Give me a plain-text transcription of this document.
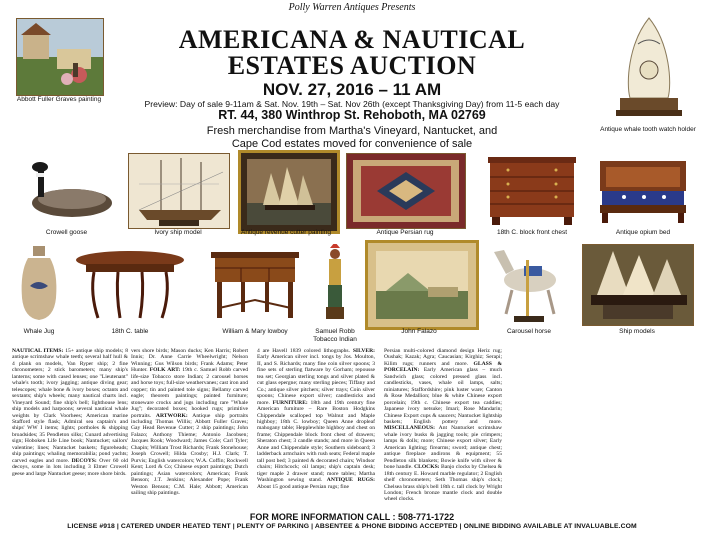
Polly Warren Antiques Presents
AMERICANA & NAUTICAL
ESTATES AUCTION
NOV. 27, 2016 – 11 AM
Preview: Day of sale 9-11am & Sat. Nov. 19th – Sat. Nov 26th (except Thanksgiving Day) from 11-5 each day
RT. 44, 380 Winthrop St. Rehoboth, MA 02769
Fresh merchandise from Martha's Vineyard, Nantucket, and
Cape Cod estates moved for convenience of sale
Abbott Fuller Graves painting
Antique whale tooth watch holder
Crowell goose	Ivory ship model	Antique revenue cutter painting	Antique Persian rug	18th C. block front chest	Antique opium bed
Whale Jug	18th C. table	William & Mary lowboy	Samuel Robb Tobacco Indian
John Falazo	Carousel horse	Ship models
NAUTICAL ITEMS: 15+ antique ship models; 8 antique scrimshaw whale teeth; several half hull & 4 plank on models, Van Ryper ship; 2 fine chronometers; 2 stick barometers; many ship's lanterns; some with cased lenses; one "Lieutenant" whale's tooth; ivory jagging; antique diving gear; telescopes; whale bone & ivory boxes; octants and sextants; ship's wheels; many nautical charts incl. Vineyard Sound; fine ship's bell; lighthouse lens; ship models and harpoons; several nautical whale weights by Clark Voorhees; American marine Stafford style flask; Admiral sea captain's and ships' WW I items; lights; portholes & shipping broadsides; 35 Pendleton silks; Cunard advertising sign; Hoboken Life Line book; Nantucket; sailors' valentine; lines; Nantucket baskets; figureheads; ship paintings; whaling memorabilia; pond yachts; carved eagles and more. DECOYS: Over 60 old decoys, some in lots including 3 Elmer Crowell geese and large Nantucket geese; more shore birds.
vers shore birds; Mason ducks; Ken Harris; Robert Innis; Dr. Anne Carrie Wheelwright; Nelson Winning; Gus Wilson birds; Frank Adams; Peter Hunter. FOLK ART: 19th c. Samuel Robb carved life-size Tobacco store Indian; 2 carousel horses and horse toys; full-size weathervanes; cast iron and copper; tin and painted tole signs; Bellamy carved eagle; theorem paintings; painted furniture; stoneware crocks and jugs including rare "Whale Jug"; decorated boxes; hooked rugs; primitive portraits. ARTWORK: Antique ship portraits including Thomas Willis; Abbott Fuller Graves; Gay Head Revenue Cutter; 2 ship paintings; John Falazo; Anthony Thieme; Antonio Jacobsen; Jacques Rook; Woodward; James Cole; Carl Tyler; Chapin; William Trost Richards; Frank Stonehouse; Joseph Crowell; Hilda Crosby; H.J. Clark; T. Purvis; English watercolors; W.A. Coffin; Rockwell Kent; Lord & Co; Chinese export paintings; Dutch paintings; Asian watercolors; American; Frank Benson; J.T. Jenkins; Alexander Pope; Frank Weston Benson; C.M. Hale; Abbott; American sailing ship paintings.
4 are Havell 1839 colored lithographs. SILVER: Early American silver incl. tongs by Jos. Moulton, II, and S. Richards; many fine coin silver spoons; 3 fine sets of sterling flatware by Gorham; repousse tea set; Georgian sterling tongs and silver plated & cut glass epergne; many sterling pieces; Tiffany and Co.; antique silver pitchers; silver trays; Coin silver spoons; Chinese export silver; candlesticks and more. FURNITURE: 18th and 19th century fine American furniture – Rare Boston Hodgkins Chippendale scalloped top Walnut and Maple highboy; 18th C. lowboy; Queen Anne dropleaf mahogany table; Hepplewhite highboy and chest on frame; Chippendale block front chest of drawers; Sheraton chest; 3 candle stands; and more in Queen Anne and Chippendale style; Southern sideboard; 3 ladderback armchairs with rush seats; Federal maple tall post bed; 3 painted & decorated chairs; Windsor chairs; Hitchcock; oil lamps; ship's captain desk; tiger maple 2 drawer stand; more tables; Martha Washington sewing stand. ANTIQUE RUGS: About 15 good antique Persian rugs; fine
Persian multi-colored diamond design Heriz rug; Oushak; Kazak; Agra; Caucasian; Kirghiz; Serapi; Kilim rugs; runners and more. GLASS & PORCELAIN: Early American glass – much Sandwich glass; colored pressed glass incl. candlesticks, vases, whale oil lamps, salts; miniatures; Staffordshire; pink luster ware; Canton & Rose Medallion; blue & white Chinese export porcelain; 19th c. Chinese export tea caddies; Japanese ivory netsuke; Imari; Rose Mandarin; Chinese Export cups & saucers; Nantucket lightship baskets; English pottery and more. MISCELLANEOUS: Ant Nantucket scrimshaw whale ivory busks & jagging tools; pie crimpers; lamps & dolls; more; Chinese export silver; Early American lighting; firearms; sword; antique chest; antique fireplace andirons & equipment; 55 Pendleton silk blankets; Bowie knife with silver & bone handle. CLOCKS: Banjo clocks by Chelsea & 18th century E. Howard marble regulator; 2 English shelf chronometers; Seth Thomas ship's clock; Chelsea brass ship's bell 18th c. tall clock by Wright London; French bronze mantle clock and double wheel clocks.
FOR MORE INFORMATION CALL : 508-771-1722
LICENSE #918 | CATERED UNDER HEATED TENT | PLENTY OF PARKING | ABSENTEE & PHONE BIDDING ACCEPTED | ONLINE BIDDING AVAILABLE AT INVALUABLE.COM
